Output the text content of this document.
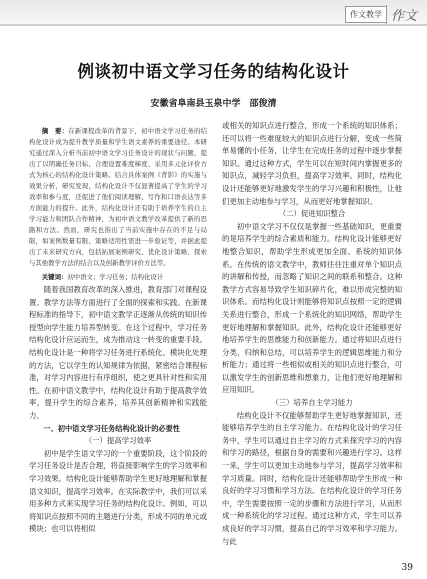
作文教学 作文
例谈初中语文学习任务的结构化设计
安徽省阜南县玉泉中学　邵俊清

摘　要：在新课程改革的背景下，初中语文学习任务的结构化设计成为提升教学质量和学生语文素养的重要途径。本研究通过深入分析当前初中语文学习任务设计的现状与问题，提出了以明确任务目标、合理设置难度梯度、采用多元化评价方式为核心的结构化设计策略。结合具体案例《背影》的实施与效果分析，研究发现，结构化设计不仅显著提高了学生的学习效率和参与度，还促进了他们阅读理解、写作和口语表达等多方面能力的提升。此外，结构化设计还有助于培养学生的自主学习能力和团队合作精神，为初中语文教学改革提供了新的思路和方法。然而，研究也指出了当前实施中存在的不足与局限，如案例数量有限、策略适用性需进一步验证等，并据此提出了未来研究方向，包括拓展案例研究、优化设计策略、探索与其他教学方法的结合以及创新教学评价方法等。

关键词：初中语文；学习任务；结构化设计

随着我国教育改革的深入推进，教育部门对课程设置、教学方法等方面进行了全面的探索和实践。在新课程标准的指导下，初中语文教学正逐渐从传统的知识传授型向学生能力培养型转变。在这个过程中，学习任务结构化设计应运而生，成为推动这一转变的重要手段。结构化设计是一种将学习任务进行系统化、模块化处理的方法，它以学生的认知规律为依据，紧密结合课程标准，对学习内容进行有序组织，使之更具针对性和实用性。在初中语文教学中，结构化设计有助于提高教学效率，提升学生的综合素养，培养其创新精神和实践能力。

一、初中语文学习任务结构化设计的必要性

（一）提高学习效率

初中是学生语文学习的一个重要阶段，这个阶段的学习任务设计是否合理，将直接影响学生的学习效率和学习效果。结构化设计能够帮助学生更好地理解和掌握语文知识，提高学习效率。在实际教学中，我们可以采用多种方式来实现学习任务的结构化设计。例如，可以将知识点按照不同的主题进行分类，形成不同的单元或模块；也可以将相似

或相关的知识点进行整合，形成一个系统的知识体系；还可以将一些难度较大的知识点进行分解，变成一些简单易懂的小任务，让学生在完成任务的过程中逐步掌握知识。通过这种方式，学生可以在短时间内掌握更多的知识点，减轻学习负担，提高学习效率。同时，结构化设计还能够更好地激发学生的学习兴趣和积极性，让他们更加主动地参与学习，从而更好地掌握知识。

（二）促进知识整合

初中语文学习不仅仅是掌握一些基础知识，更重要的是培养学生的综合素质和能力。结构化设计能够更好地整合知识，帮助学生形成更加全面、系统的知识体系。在传统的语文教学中，教师往往注重对单个知识点的讲解和传授，而忽略了知识之间的联系和整合。这种教学方式容易导致学生知识碎片化，难以形成完整的知识体系。而结构化设计则能够将知识点按照一定的逻辑关系进行整合，形成一个系统化的知识网络，帮助学生更好地理解和掌握知识。此外，结构化设计还能够更好地培养学生的思维能力和创新能力。通过将知识点进行分类、归纳和总结，可以培养学生的逻辑思维能力和分析能力；通过将一些相似或相关的知识点进行整合，可以激发学生的创新思维和想象力，让他们更好地理解和应用知识。

（三）培养自主学习能力

结构化设计不仅能够帮助学生更好地掌握知识，还能够培养学生的自主学习能力。在结构化设计的学习任务中，学生可以通过自主学习的方式来探究学习的内容和学习的路径，根据自身的需要和兴趣进行学习。这样一来，学生可以更加主动地参与学习，提高学习效率和学习质量。同时，结构化设计还能够帮助学生形成一种良好的学习习惯和学习方法。在结构化设计的学习任务中，学生需要按照一定的步骤和方法进行学习，从而形成一种系统化的学习过程。通过这种方式，学生可以养成良好的学习习惯，提高自己的学习效率和学习能力。与此

39
